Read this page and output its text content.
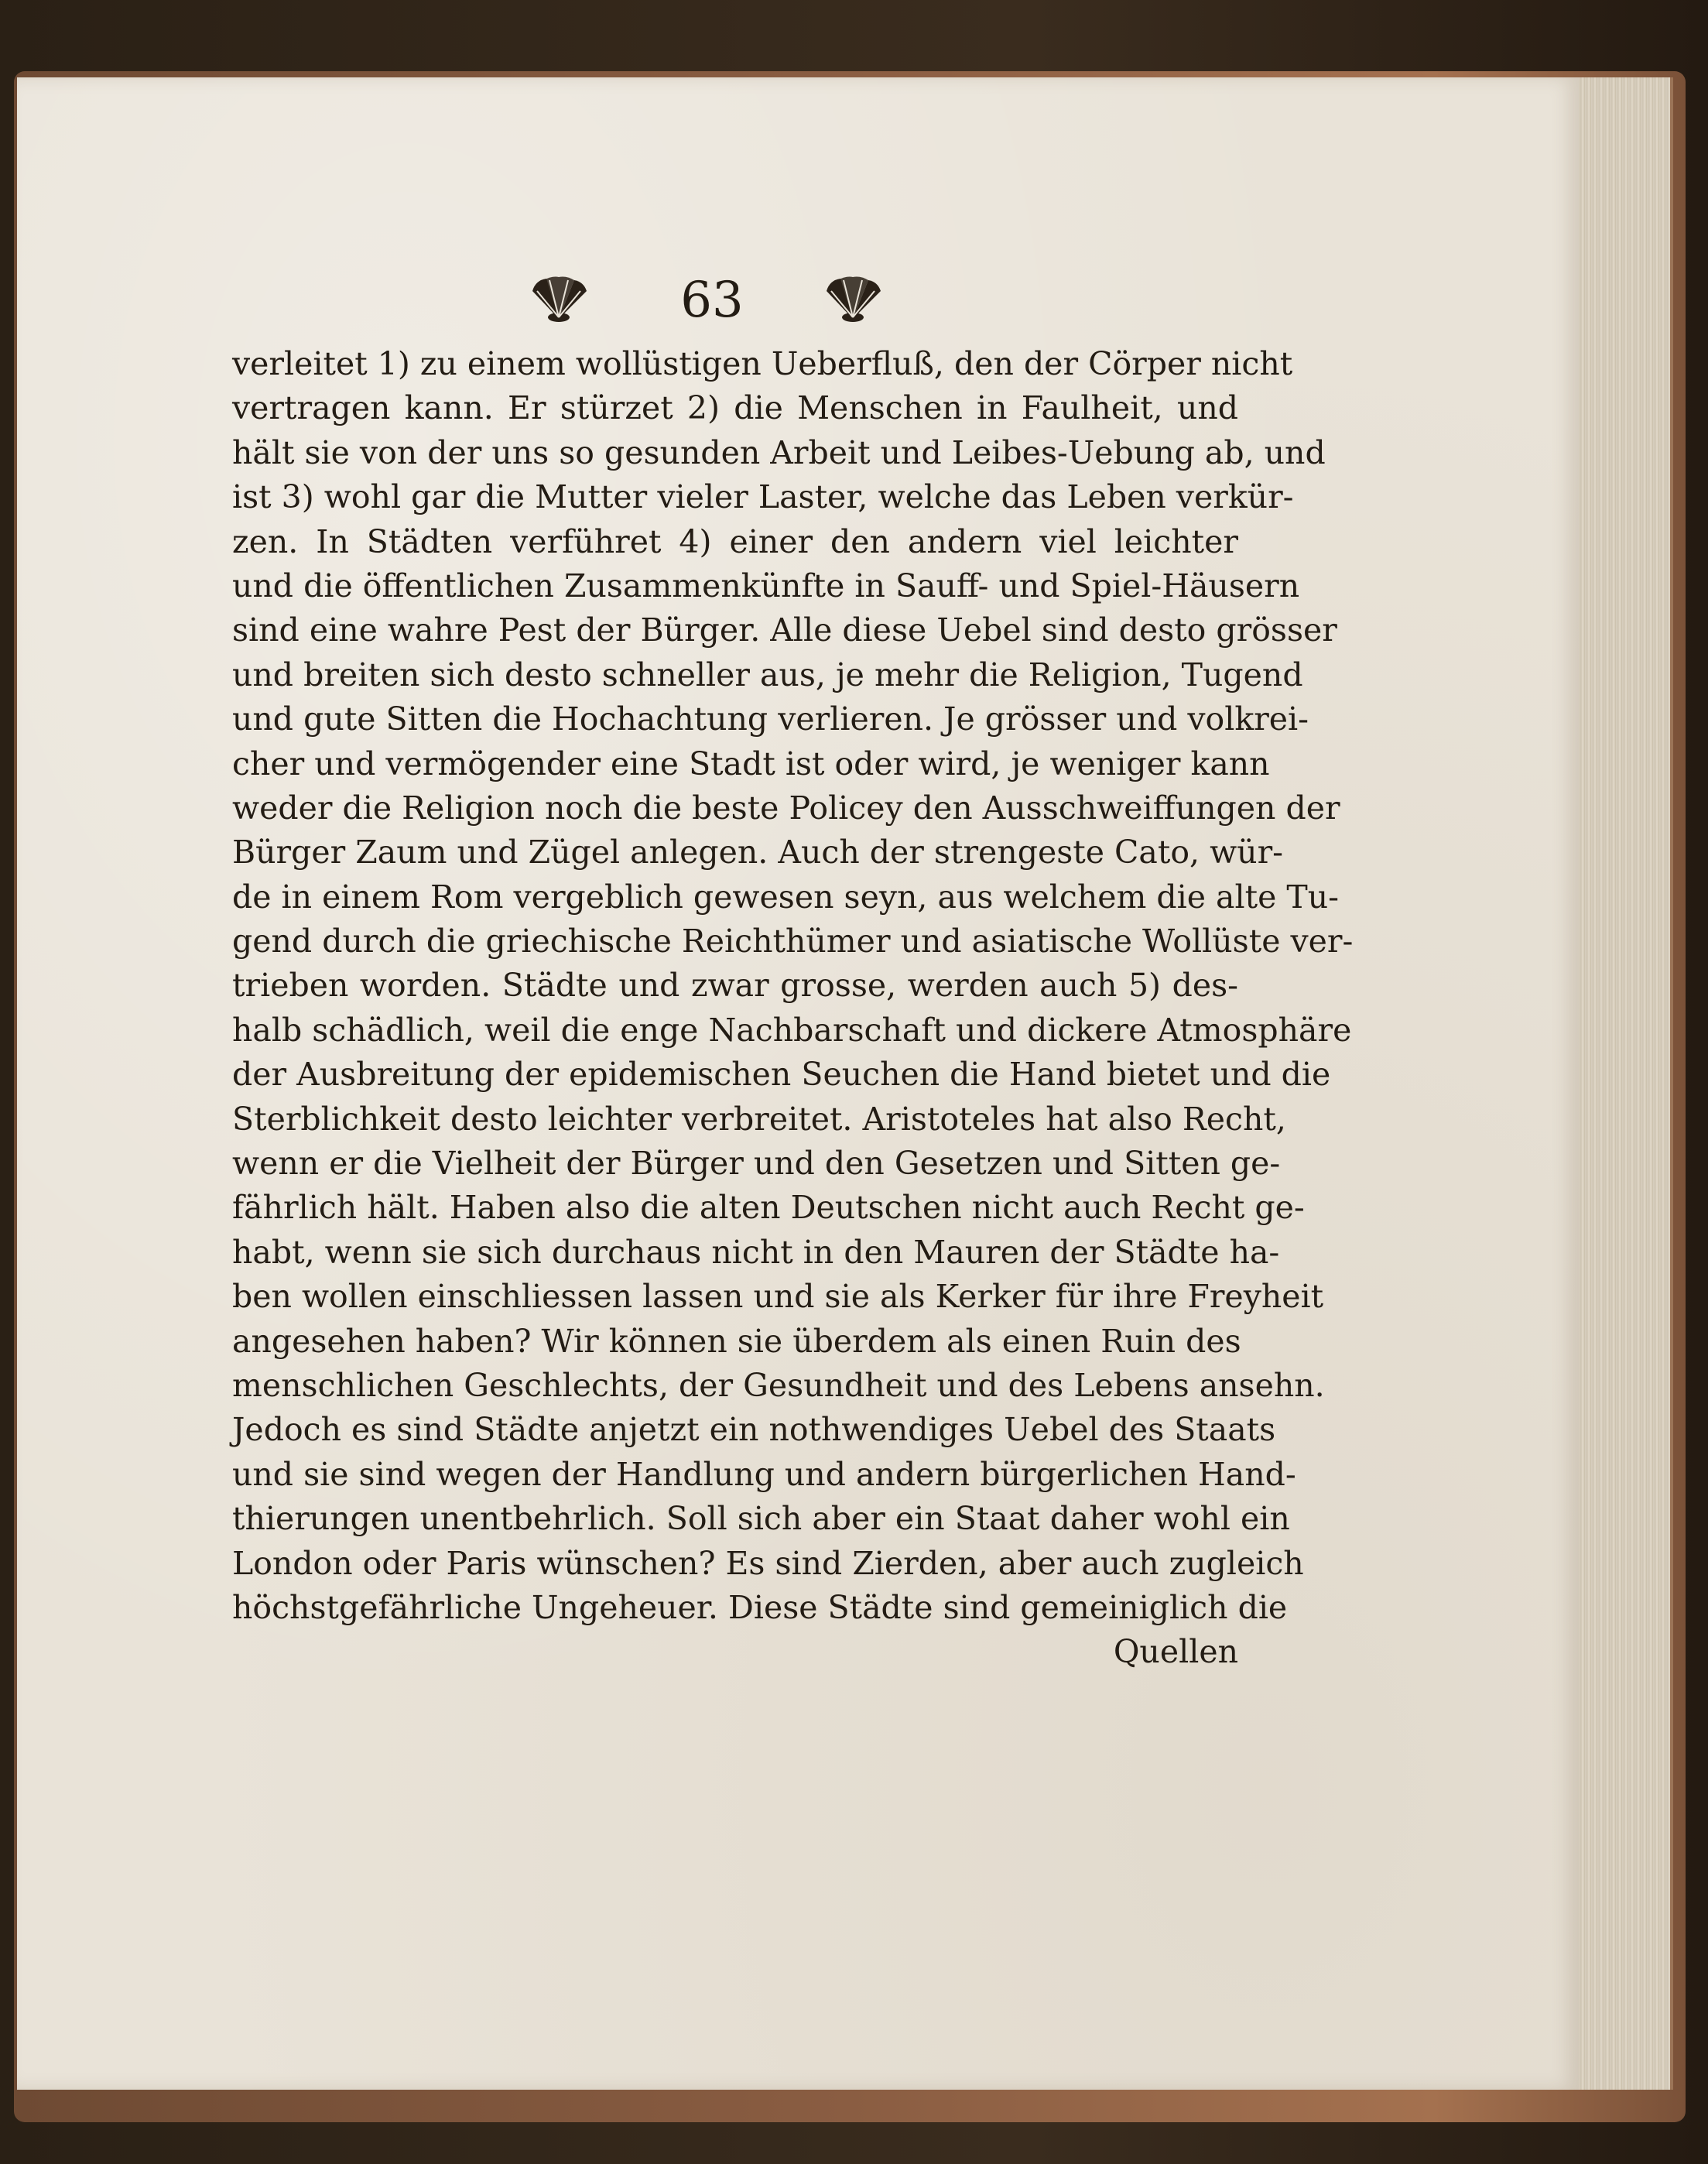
63
verleitet 1) zu einem wollüstigen Ueberfluß, den der Cörper nicht
vertragen kann. Er stürzet 2) die Menschen in Faulheit, und
hält sie von der uns so gesunden Arbeit und Leibes-Uebung ab, und
ist 3) wohl gar die Mutter vieler Laster, welche das Leben verkür-
zen. In Städten verführet 4) einer den andern viel leichter
und die öffentlichen Zusammenkünfte in Sauff- und Spiel-Häusern
sind eine wahre Pest der Bürger. Alle diese Uebel sind desto grösser
und breiten sich desto schneller aus, je mehr die Religion, Tugend
und gute Sitten die Hochachtung verlieren. Je grösser und volkrei-
cher und vermögender eine Stadt ist oder wird, je weniger kann
weder die Religion noch die beste Policey den Ausschweiffungen der
Bürger Zaum und Zügel anlegen. Auch der strengeste Cato, wür-
de in einem Rom vergeblich gewesen seyn, aus welchem die alte Tu-
gend durch die griechische Reichthümer und asiatische Wollüste ver-
trieben worden. Städte und zwar grosse, werden auch 5) des-
halb schädlich, weil die enge Nachbarschaft und dickere Atmosphäre
der Ausbreitung der epidemischen Seuchen die Hand bietet und die
Sterblichkeit desto leichter verbreitet. Aristoteles hat also Recht,
wenn er die Vielheit der Bürger und den Gesetzen und Sitten ge-
fährlich hält. Haben also die alten Deutschen nicht auch Recht ge-
habt, wenn sie sich durchaus nicht in den Mauren der Städte ha-
ben wollen einschliessen lassen und sie als Kerker für ihre Freyheit
angesehen haben? Wir können sie überdem als einen Ruin des
menschlichen Geschlechts, der Gesundheit und des Lebens ansehn.
Jedoch es sind Städte anjetzt ein nothwendiges Uebel des Staats
und sie sind wegen der Handlung und andern bürgerlichen Hand-
thierungen unentbehrlich. Soll sich aber ein Staat daher wohl ein
London oder Paris wünschen? Es sind Zierden, aber auch zugleich
höchstgefährliche Ungeheuer. Diese Städte sind gemeiniglich die
Quellen
